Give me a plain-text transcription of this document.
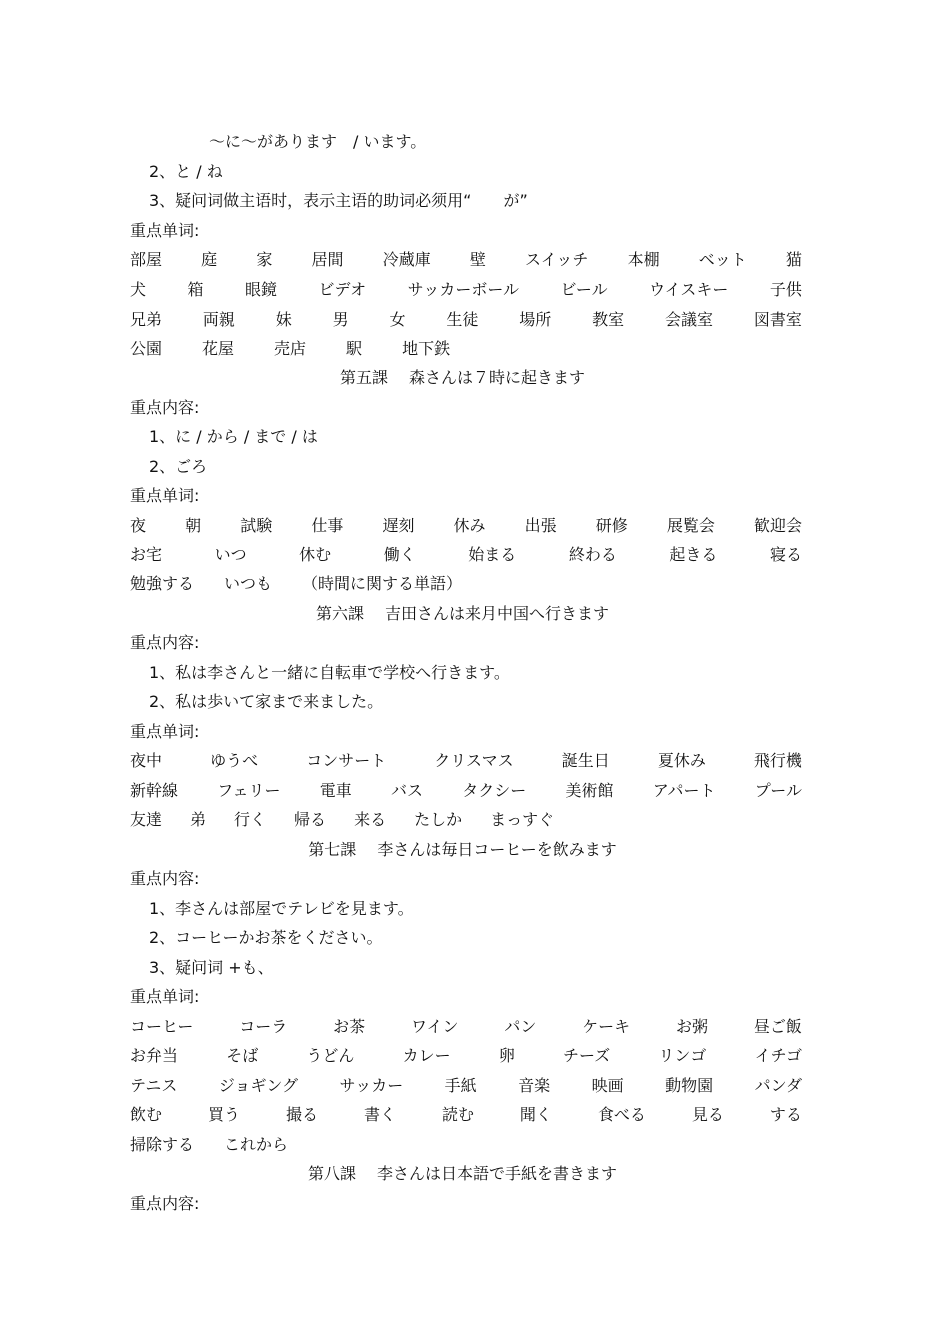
〜に〜があります　/ います。
2、と / ね
3、疑问词做主语时，表示主语的助词必须用“　　が”
重点单词:
部屋 庭 家 居間 冷蔵庫 壁 スイッチ 本棚 ベット 猫
犬	箱	眼鏡	ビデオ	サッカーボール	ビール	ウイスキー	子供
兄弟	両親	妹	男	女	生徒	場所	教室	会議室	図書室
公園	花屋	売店	駅	地下鉄
第五課　 森さんは７時に起きます
重点内容:
1、に / から / まで / は
2、ごろ
重点单词:
夜 朝 試験 仕事 遅刻 休み 出張 研修 展覧会 歓迎会
お宅	いつ	休む	働く	始まる	終わる	起きる	寝る
勉強する いつも （時間に関する単語）
第六課　 吉田さんは来月中国へ行きます
重点内容:
1、私は李さんと一緒に自転車で学校へ行きます。
2、私は歩いて家まで来ました。
重点单词:
夜中	ゆうべ	コンサート	クリスマス	誕生日	夏休み	飛行機
新幹線 フェリー 電車 バス タクシー 美術館 アパート プール
友達 弟 行く 帰る 来る たしか まっすぐ
第七課　 李さんは毎日コーヒーを飲みます
重点内容:
1、李さんは部屋でテレビを見ます。
2、コーヒーかお茶をください。
3、疑问词 +も、
重点单词:
コーヒー	コーラ	お茶	ワイン	パン	ケーキ	お粥	昼ご飯
お弁当	そば	うどん	カレー	卵	チーズ	リンゴ	イチゴ
テニス	ジョギング	サッカー	手紙	音楽	映画	動物園	パンダ
飲む	買う	撮る	書く	読む	聞く	食べる	見る	する
掃除する これから
第八課　 李さんは日本語で手紙を書きます
重点内容:
